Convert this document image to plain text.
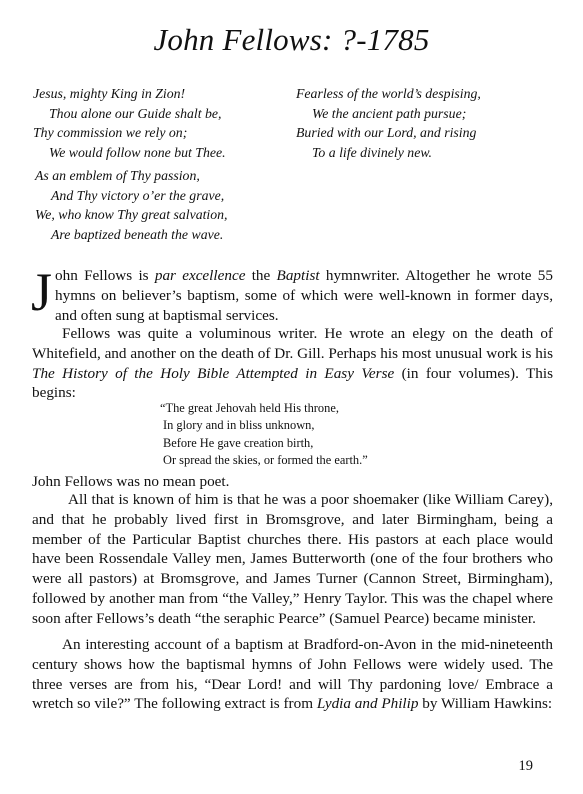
John Fellows: ?-1785
Jesus, mighty King in Zion!
Thou alone our Guide shalt be,
Thy commission we rely on;
We would follow none but Thee.
Fearless of the world’s despising,
We the ancient path pursue;
Buried with our Lord, and rising
To a life divinely new.
As an emblem of Thy passion,
And Thy victory o’er the grave,
We, who know Thy great salvation,
Are baptized beneath the wave.
J ohn Fellows is par excellence the Baptist hymnwriter. Altogether he wrote 55 hymns on believer’s baptism, some of which were well-known in former days, and often sung at baptismal services.

Fellows was quite a voluminous writer. He wrote an elegy on the death of Whitefield, and another on the death of Dr. Gill. Perhaps his most unusual work is his The History of the Holy Bible Attempted in Easy Verse (in four volumes). This begins:

“The great Jehovah held His throne,
In glory and in bliss unknown,
Before He gave creation birth,
Or spread the skies, or formed the earth.”
John Fellows was no mean poet.
All that is known of him is that he was a poor shoemaker (like William Carey), and that he probably lived first in Bromsgrove, and later Birmingham, being a member of the Particular Baptist churches there. His pastors at each place would have been Rossendale Valley men, James Butterworth (one of the four brothers who were all pastors) at Bromsgrove, and James Turner (Cannon Street, Birmingham), followed by another man from “the Valley,” Henry Taylor. This was the chapel where soon after Fellows’s death “the seraphic Pearce” (Samuel Pearce) became minister.

An interesting account of a baptism at Bradford-on-Avon in the mid-nineteenth century shows how the baptismal hymns of John Fellows were widely used. The three verses are from his, “Dear Lord! and will Thy pardoning love/ Embrace a wretch so vile?” The following extract is from Lydia and Philip by William Hawkins:

19
